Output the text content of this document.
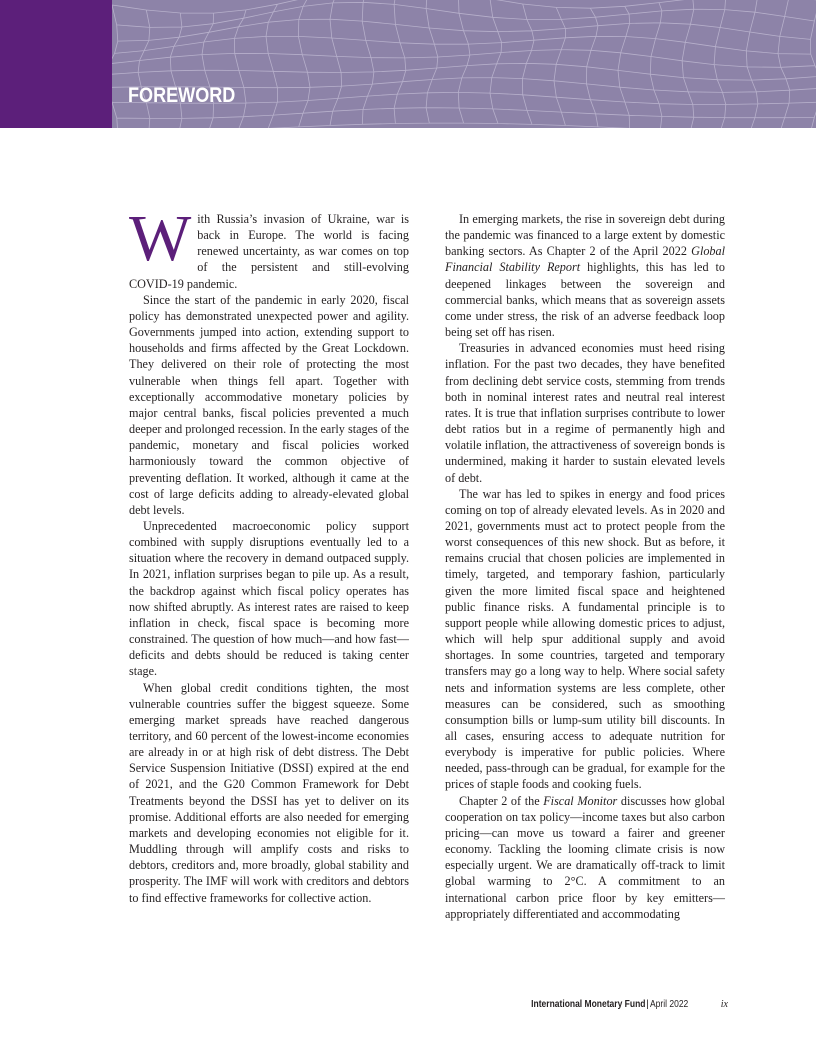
FOREWORD
W ith Russia’s invasion of Ukraine, war is back in Europe. The world is facing renewed uncertainty, as war comes on top of the persistent and still-evolving COVID-19 pandemic.

Since the start of the pandemic in early 2020, fiscal policy has demonstrated unexpected power and agility. Governments jumped into action, extending support to households and firms affected by the Great Lockdown. They delivered on their role of protecting the most vulnerable when things fell apart. Together with exceptionally accommodative monetary policies by major central banks, fiscal policies prevented a much deeper and prolonged recession. In the early stages of the pandemic, monetary and fiscal policies worked harmoniously toward the common objective of preventing deflation. It worked, although it came at the cost of large deficits adding to already-elevated global debt levels.

Unprecedented macroeconomic policy support combined with supply disruptions eventually led to a situation where the recovery in demand outpaced supply. In 2021, inflation surprises began to pile up. As a result, the backdrop against which fiscal policy operates has now shifted abruptly. As interest rates are raised to keep inflation in check, fiscal space is becoming more constrained. The question of how much—and how fast—deficits and debts should be reduced is taking center stage.

When global credit conditions tighten, the most vulnerable countries suffer the biggest squeeze. Some emerging market spreads have reached dangerous territory, and 60 percent of the lowest-income economies are already in or at high risk of debt distress. The Debt Service Suspension Initiative (DSSI) expired at the end of 2021, and the G20 Common Framework for Debt Treatments beyond the DSSI has yet to deliver on its promise. Additional efforts are also needed for emerging markets and developing economies not eligible for it. Muddling through will amplify costs and risks to debtors, creditors and, more broadly, global stability and prosperity. The IMF will work with creditors and debtors to find effective frameworks for collective action.

In emerging markets, the rise in sovereign debt during the pandemic was financed to a large extent by domestic banking sectors. As Chapter 2 of the April 2022 Global Financial Stability Report highlights, this has led to deepened linkages between the sovereign and commercial banks, which means that as sovereign assets come under stress, the risk of an adverse feedback loop being set off has risen.

Treasuries in advanced economies must heed rising inflation. For the past two decades, they have benefited from declining debt service costs, stemming from trends both in nominal interest rates and neutral real interest rates. It is true that inflation surprises contribute to lower debt ratios but in a regime of permanently high and volatile inflation, the attractiveness of sovereign bonds is undermined, making it harder to sustain elevated levels of debt.

The war has led to spikes in energy and food prices coming on top of already elevated levels. As in 2020 and 2021, governments must act to protect people from the worst consequences of this new shock. But as before, it remains crucial that chosen policies are implemented in timely, targeted, and temporary fashion, particularly given the more limited fiscal space and heightened public finance risks. A fundamental principle is to support people while allowing domestic prices to adjust, which will help spur additional supply and avoid shortages. In some countries, targeted and temporary transfers may go a long way to help. Where social safety nets and information systems are less complete, other measures can be considered, such as smoothing consumption bills or lump-sum utility bill discounts. In all cases, ensuring access to adequate nutrition for everybody is imperative for public policies. Where needed, pass-through can be gradual, for example for the prices of staple foods and cooking fuels.

Chapter 2 of the Fiscal Monitor discusses how global cooperation on tax policy—income taxes but also carbon pricing—can move us toward a fairer and greener economy. Tackling the looming climate crisis is now especially urgent. We are dramatically off-track to limit global warming to 2°C. A commitment to an international carbon price floor by key emitters—appropriately differentiated and accommodating

International Monetary Fund|April 2022	ix
